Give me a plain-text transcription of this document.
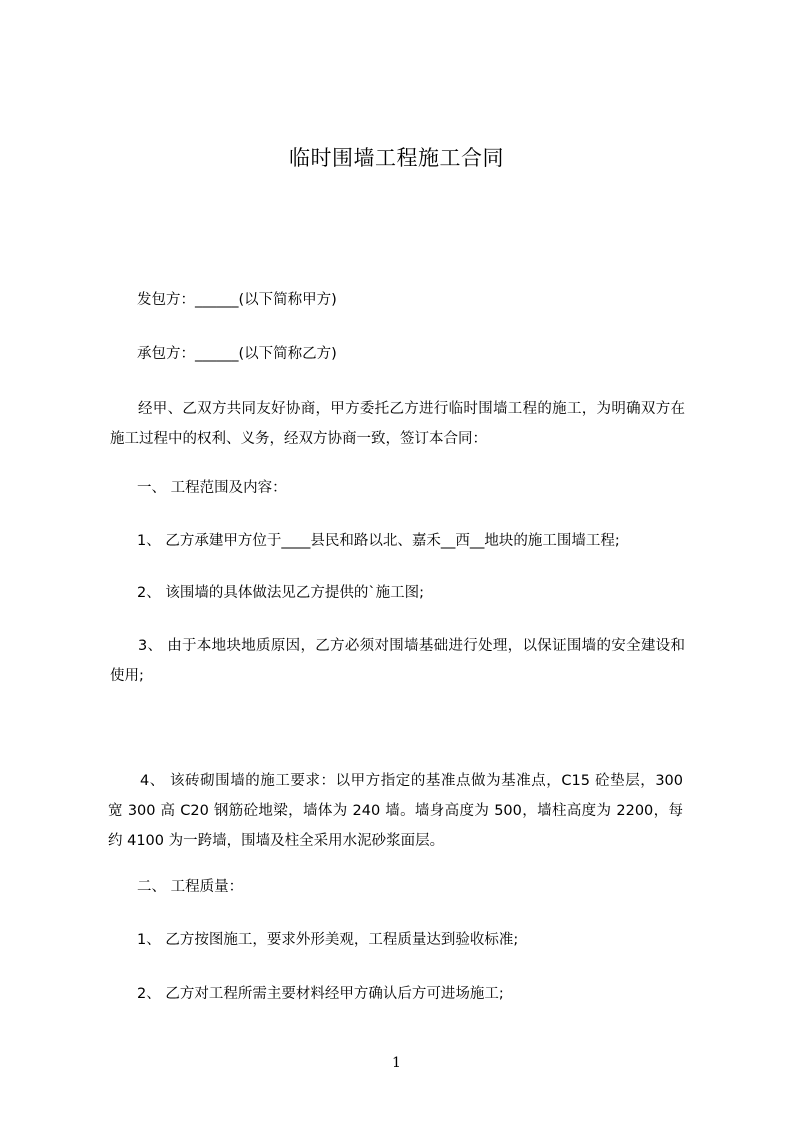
临时围墙工程施工合同
发包方：______(以下简称甲方)
承包方：______(以下简称乙方)
经甲、乙双方共同友好协商，甲方委托乙方进行临时围墙工程的施工，为明确双方在施工过程中的权利、义务，经双方协商一致，签订本合同：
一、 工程范围及内容：
1、 乙方承建甲方位于____县民和路以北、嘉禾__西__地块的施工围墙工程;
2、 该围墙的具体做法见乙方提供的`施工图;
3、 由于本地块地质原因，乙方必须对围墙基础进行处理，以保证围墙的安全建设和使用;
4、 该砖砌围墙的施工要求：以甲方指定的基准点做为基准点，C15 砼垫层，300 宽 300 高 C20 钢筋砼地梁，墙体为 240 墙。墙身高度为 500，墙柱高度为 2200，每约 4100 为一跨墙，围墙及柱全采用水泥砂浆面层。
二、 工程质量：
1、 乙方按图施工，要求外形美观，工程质量达到验收标准;
2、 乙方对工程所需主要材料经甲方确认后方可进场施工;
1
